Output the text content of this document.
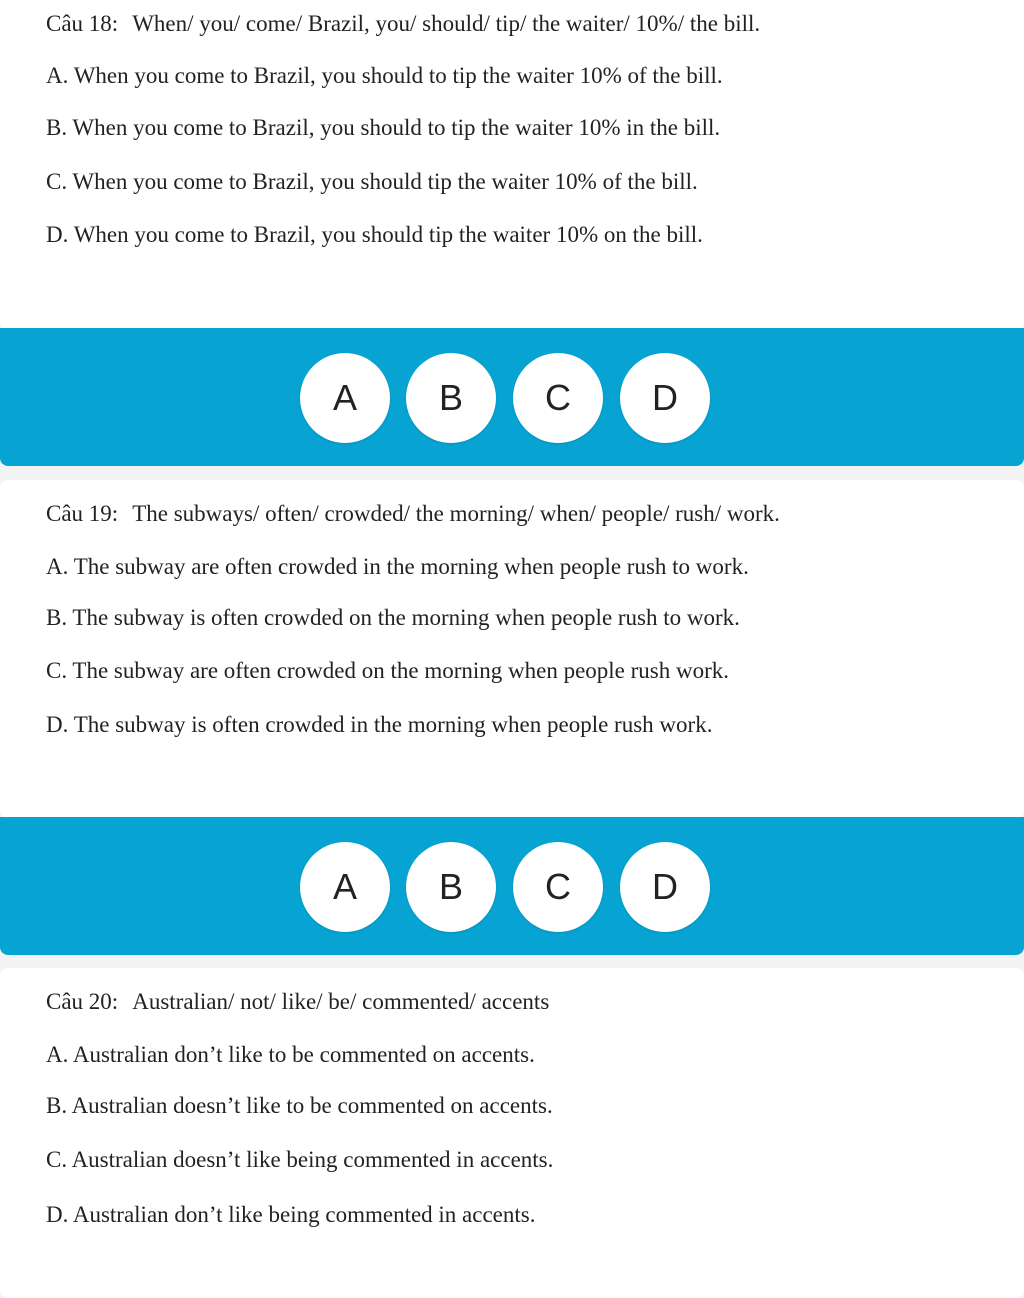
Câu 18: When/ you/ come/ Brazil, you/ should/ tip/ the waiter/ 10%/ the bill.
A. When you come to Brazil, you should to tip the waiter 10% of the bill.
B. When you come to Brazil, you should to tip the waiter 10% in the bill.
C. When you come to Brazil, you should tip the waiter 10% of the bill.
D. When you come to Brazil, you should tip the waiter 10% on the bill.
A	B	C	D
Câu 19: The subways/ often/ crowded/ the morning/ when/ people/ rush/ work.
A. The subway are often crowded in the morning when people rush to work.
B. The subway is often crowded on the morning when people rush to work.
C. The subway are often crowded on the morning when people rush work.
D. The subway is often crowded in the morning when people rush work.
A	B	C	D
Câu 20: Australian/ not/ like/ be/ commented/ accents
A. Australian don’t like to be commented on accents.
B. Australian doesn’t like to be commented on accents.
C. Australian doesn’t like being commented in accents.
D. Australian don’t like being commented in accents.
